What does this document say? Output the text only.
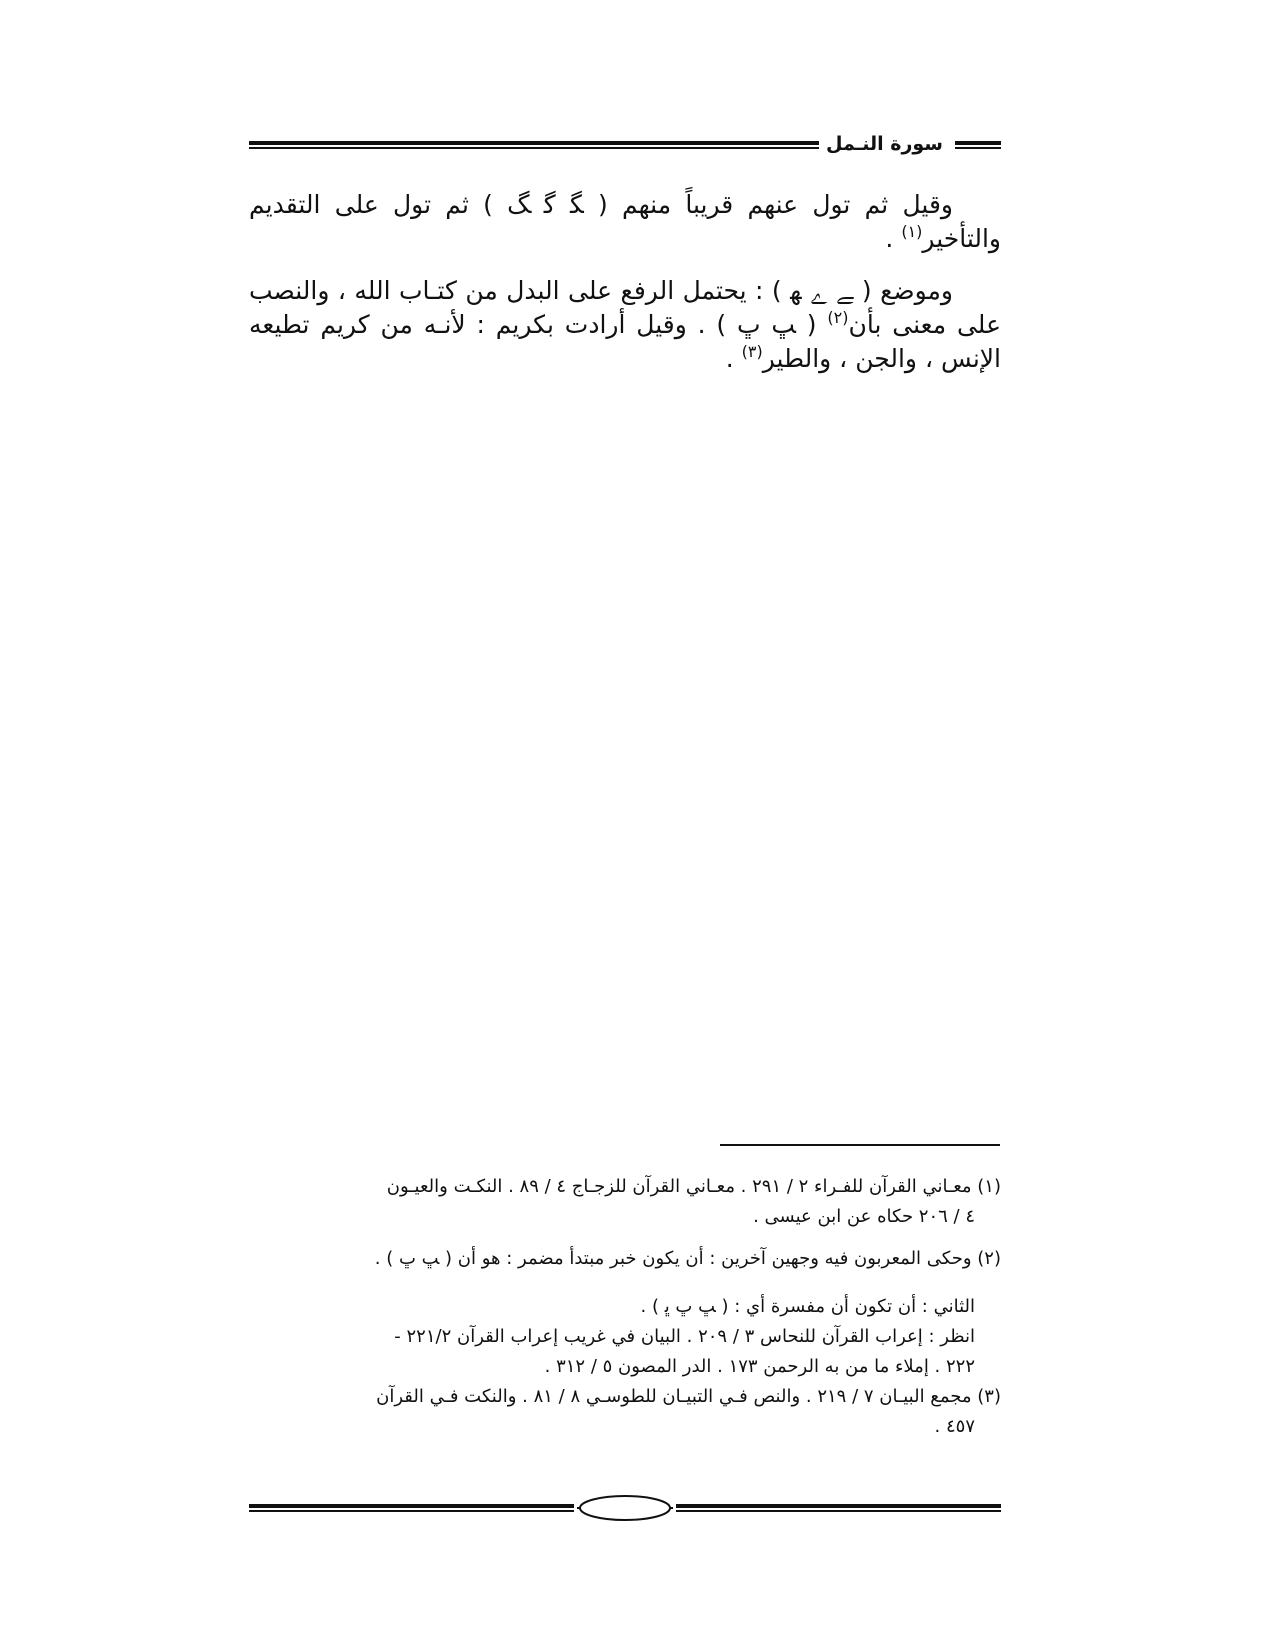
سورة النـمل

وقيل ثم تول عنهم قريباً منهم ( ﮕ ﮔ ﮓ ) ثم تول على التقديم والتأخير$^{(١)}$ .

وموضع ( ﮯ ﮮ ﮭ ) : يحتمل الرفع على البدل من كتـاب الله ، والنصب على معنى بأن$^{(٢)}$ ( ﭛ ﭚ ) . وقيل أرادت بكريم : لأنـه من كريم تطيعه الإنس ، والجن ، والطير$^{(٣)}$ .

(١) معـاني القرآن للفـراء ٢ / ٢٩١ . معـاني القرآن للزجـاج ٤ / ٨٩ . النكـت والعيـون
٤ / ٢٠٦ حكاه عن ابن عيسى .
(٢) وحكى المعربون فيه وجهين آخرين : أن يكون خبر مبتدأ مضمر : هو أن ( ﭛ ﭚ ) .
الثاني : أن تكون أن مفسرة أي : ( ﭛ ﭚ ﭜ ) .
انظر : إعراب القرآن للنحاس ٣ / ٢٠٩ . البيان في غريب إعراب القرآن ٢٢١/٢ -
٢٢٢ . إملاء ما من به الرحمن ١٧٣ . الدر المصون ٥ / ٣١٢ .
(٣) مجمع البيـان ٧ / ٢١٩ . والنص فـي التبيـان للطوسـي ٨ / ٨١ . والنكت فـي القرآن
٤٥٧ .
